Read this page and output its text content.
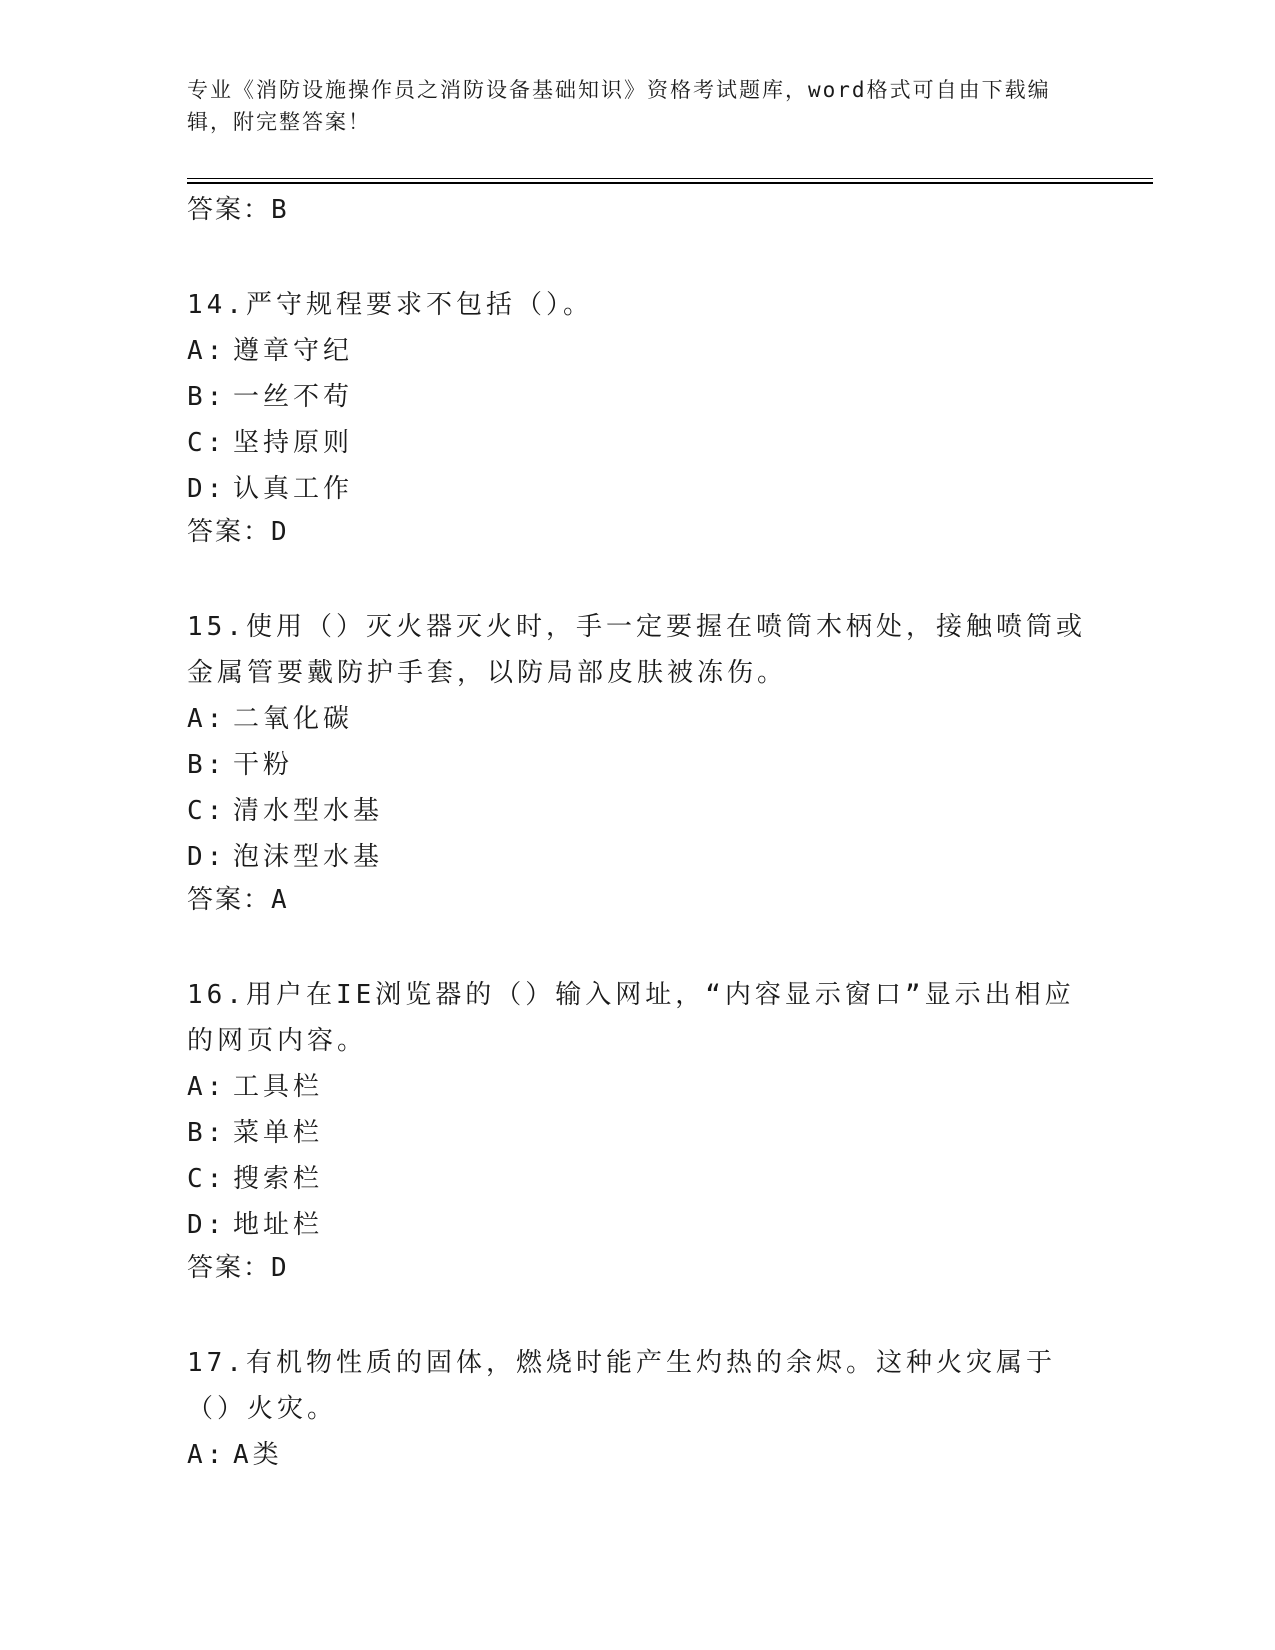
专业《消防设施操作员之消防设备基础知识》资格考试题库，word格式可自由下载编辑，附完整答案！

答案：B

14.严守规程要求不包括（）。

A: 遵章守纪

B: 一丝不苟

C: 坚持原则

D: 认真工作

答案：D

15.使用（）灭火器灭火时，手一定要握在喷筒木柄处，接触喷筒或金属管要戴防护手套，以防局部皮肤被冻伤。

A: 二氧化碳

B: 干粉

C: 清水型水基

D: 泡沫型水基

答案：A

16.用户在IE浏览器的（）输入网址，“内容显示窗口”显示出相应的网页内容。

A: 工具栏

B: 菜单栏

C: 搜索栏

D: 地址栏

答案：D

17.有机物性质的固体，燃烧时能产生灼热的余烬。这种火灾属于（）火灾。

A: A类
